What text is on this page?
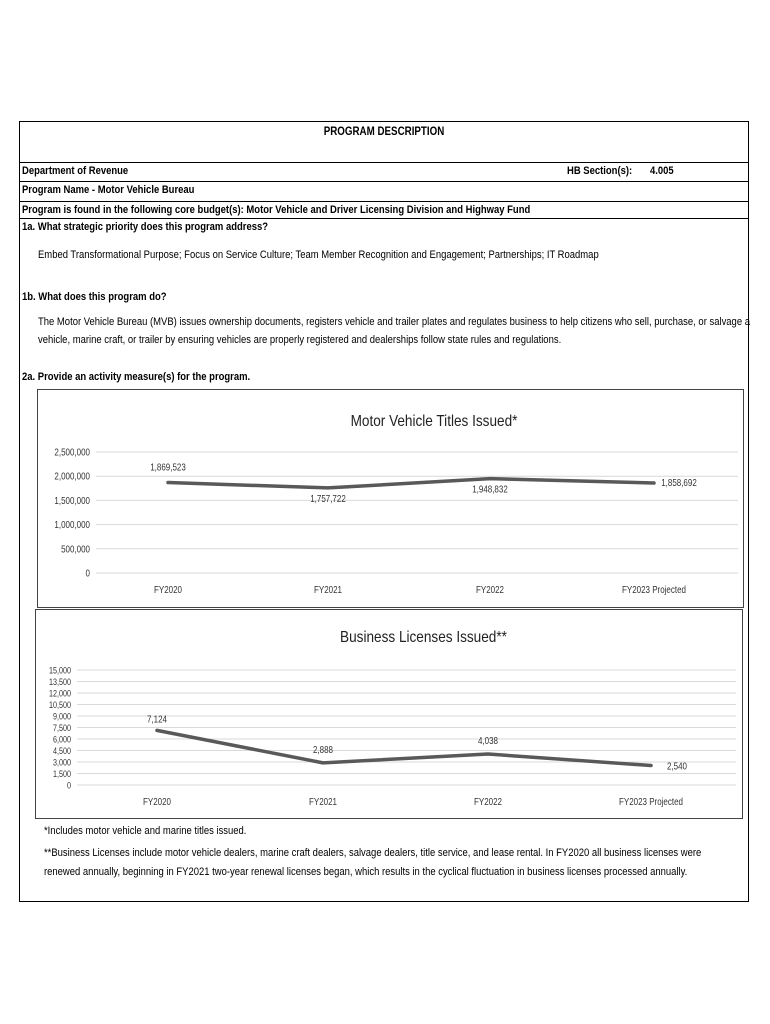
PROGRAM DESCRIPTION
Department of Revenue	HB Section(s):	4.005
Program Name - Motor Vehicle Bureau
Program is found in the following core budget(s): Motor Vehicle and Driver Licensing Division and Highway Fund
1a. What strategic priority does this program address?
Embed Transformational Purpose; Focus on Service Culture; Team Member Recognition and Engagement; Partnerships; IT Roadmap
1b. What does this program do?
The Motor Vehicle Bureau (MVB) issues ownership documents, registers vehicle and trailer plates and regulates business to help citizens who sell, purchase, or salvage a
vehicle, marine craft, or trailer by ensuring vehicles are properly registered and dealerships follow state rules and regulations.
2a. Provide an activity measure(s) for the program.
Motor Vehicle Titles Issued*
2,500,000
2,000,000
1,500,000
1,000,000
500,000
0
FY2020	FY2021	FY2022	FY2023 Projected
1,869,523
1,757,722
1,948,832
1,858,692
Business Licenses Issued**
15,000
13,500
12,000
10,500
9,000
7,500
6,000
4,500
3,000
1,500
0
FY2020	FY2021	FY2022	FY2023 Projected
7,124
2,888
4,038
2,540
*Includes motor vehicle and marine titles issued.
**Business Licenses include motor vehicle dealers, marine craft dealers, salvage dealers, title service, and lease rental. In FY2020 all business licenses were
renewed annually, beginning in FY2021 two-year renewal licenses began, which results in the cyclical fluctuation in business licenses processed annually.
